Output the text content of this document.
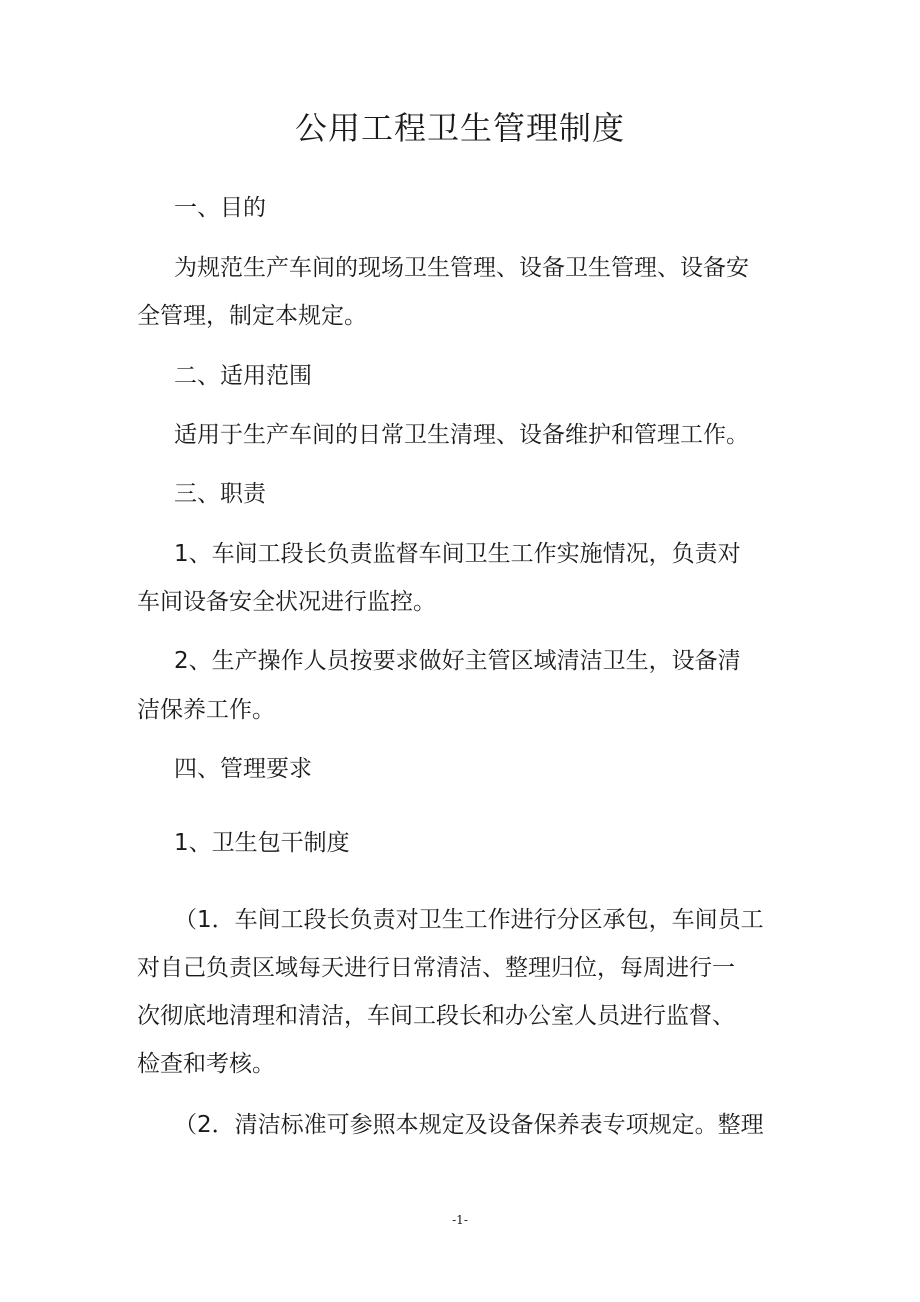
公用工程卫生管理制度

一、目的

为规范生产车间的现场卫生管理、设备卫生管理、设备安

全管理，制定本规定。

二、适用范围

适用于生产车间的日常卫生清理、设备维护和管理工作。

三、职责

1、车间工段长负责监督车间卫生工作实施情况，负责对

车间设备安全状况进行监控。

2、生产操作人员按要求做好主管区域清洁卫生，设备清

洁保养工作。

四、管理要求

1、卫生包干制度

（1．车间工段长负责对卫生工作进行分区承包，车间员工

对自己负责区域每天进行日常清洁、整理归位，每周进行一

次彻底地清理和清洁，车间工段长和办公室人员进行监督、

检查和考核。

（2．清洁标准可参照本规定及设备保养表专项规定。整理

-1-
